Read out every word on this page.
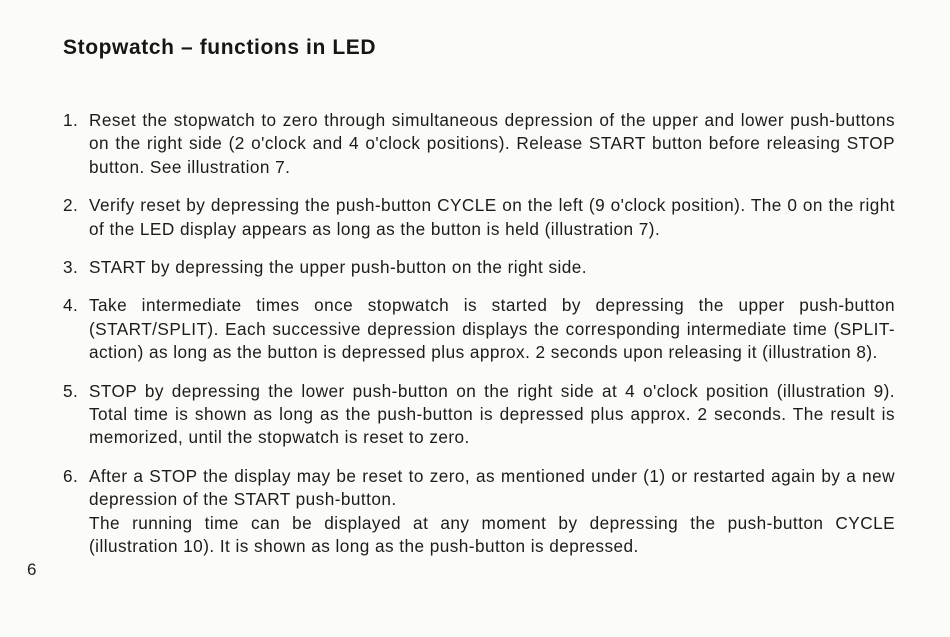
Stopwatch – functions in LED
1. Reset the stopwatch to zero through simultaneous depression of the upper and lower push-buttons on the right side (2 o'clock and 4 o'clock positions). Release START button before releasing STOP button. See illustration 7.
2. Verify reset by depressing the push-button CYCLE on the left (9 o'clock position). The 0 on the right of the LED display appears as long as the button is held (illustration 7).
3. START by depressing the upper push-button on the right side.
4. Take intermediate times once stopwatch is started by depressing the upper push-button (START/SPLIT). Each successive depression displays the corresponding intermediate time (SPLIT-action) as long as the button is depressed plus approx. 2 seconds upon releasing it (illustration 8).
5. STOP by depressing the lower push-button on the right side at 4 o'clock position (illustration 9). Total time is shown as long as the push-button is depressed plus approx. 2 seconds. The result is memorized, until the stopwatch is reset to zero.
6. After a STOP the display may be reset to zero, as mentioned under (1) or restarted again by a new depression of the START push-button.
The running time can be displayed at any moment by depressing the push-button CYCLE (illustration 10). It is shown as long as the push-button is depressed.
6
